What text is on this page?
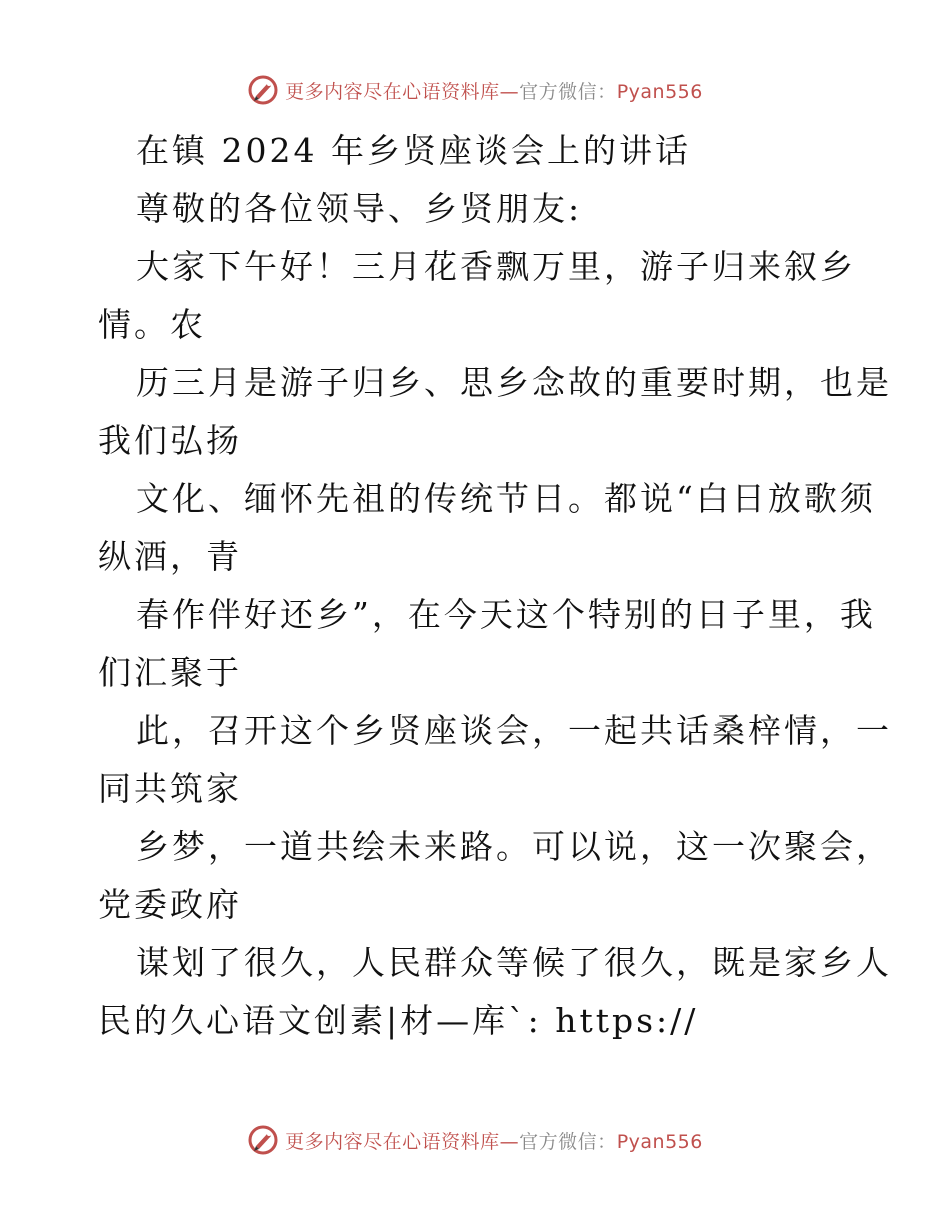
更多内容尽在心语资料库—官方微信：Pyan556
在镇 2024 年乡贤座谈会上的讲话
尊敬的各位领导、乡贤朋友:
大家下午好！三月花香飘万里，游子归来叙乡
情。农
历三月是游子归乡、思乡念故的重要时期，也是
我们弘扬
文化、缅怀先祖的传统节日。都说“白日放歌须
纵酒，青
春作伴好还乡”，在今天这个特别的日子里，我
们汇聚于
此，召开这个乡贤座谈会，一起共话桑梓情，一
同共筑家
乡梦，一道共绘未来路。可以说，这一次聚会，
党委政府
谋划了很久，人民群众等候了很久，既是家乡人
民的久心语文创素|材—库`: https://
更多内容尽在心语资料库—官方微信：Pyan556
